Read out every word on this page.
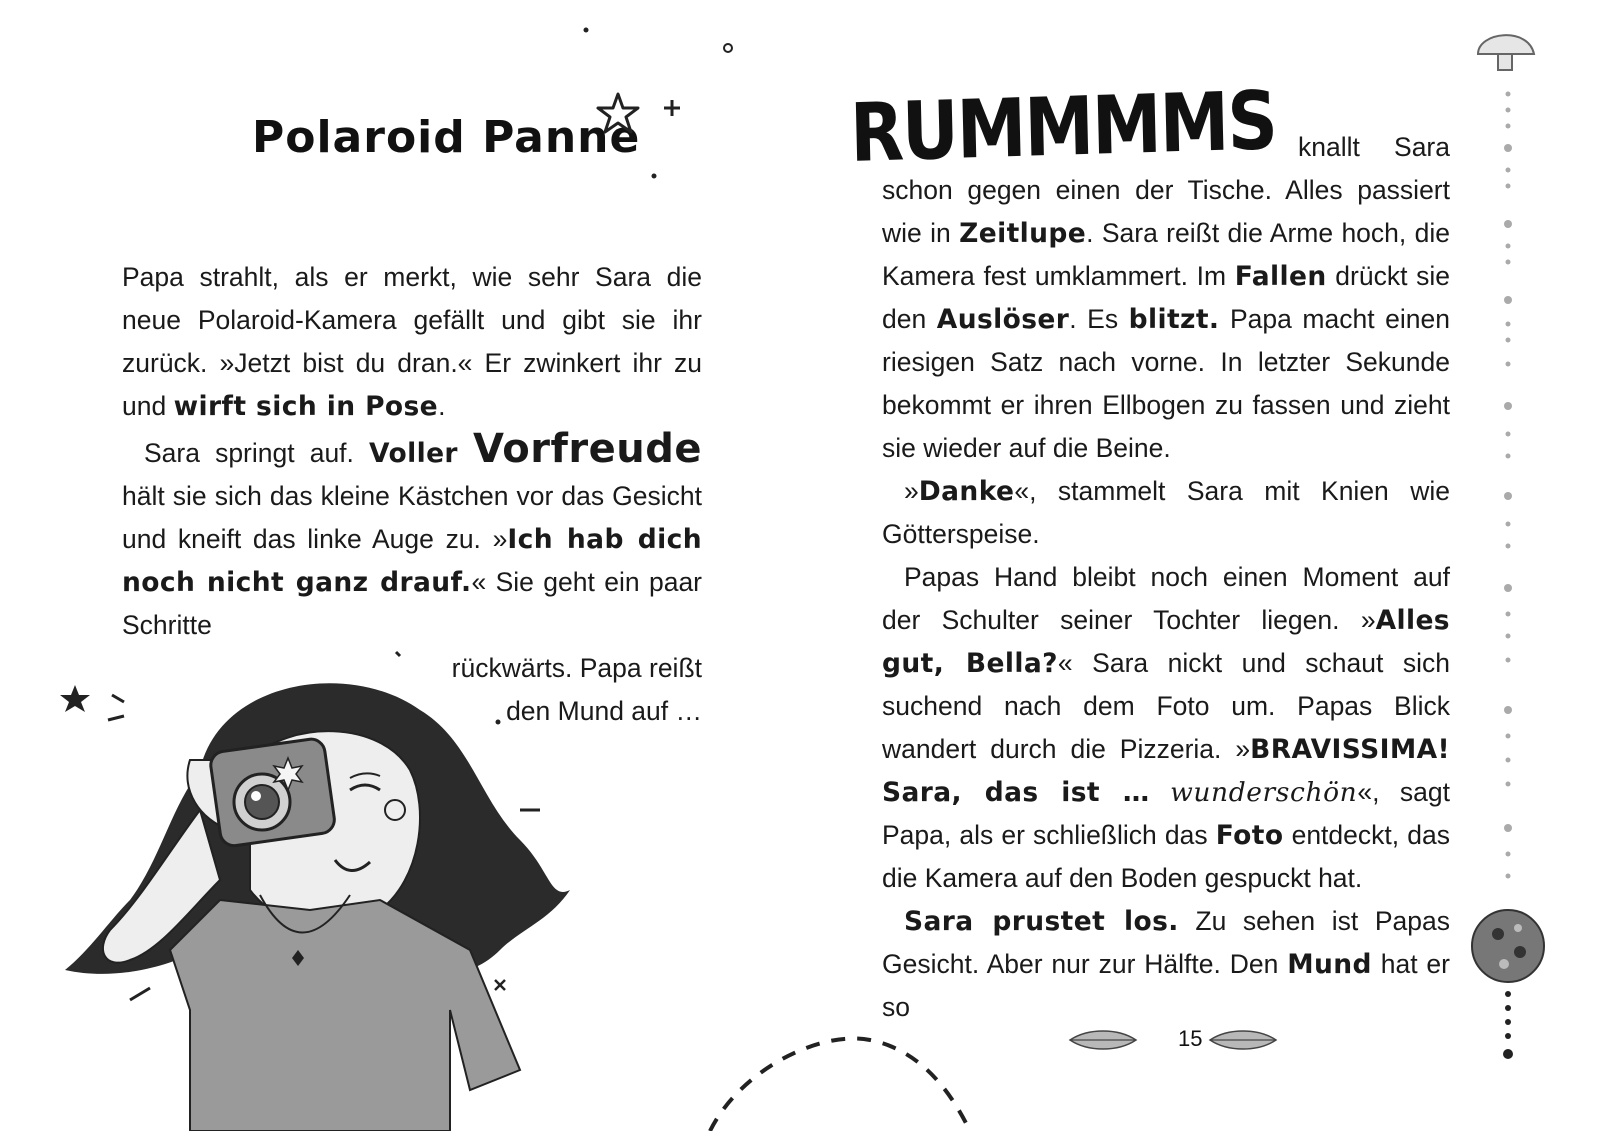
Polaroid Panne

Papa strahlt, als er merkt, wie sehr Sara die neue Polaroid-Kamera gefällt und gibt sie ihr zurück. »Jetzt bist du dran.« Er zwinkert ihr zu und wirft sich in Pose.

Sara springt auf. Voller Vorfreude hält sie sich das kleine Kästchen vor das Gesicht und kneift das linke Auge zu. »Ich hab dich noch nicht ganz drauf.« Sie geht ein paar Schritte

rückwärts. Papa reißt

den Mund auf …

RUMMMMS knallt Sara schon gegen einen der Tische. Alles passiert wie in Zeitlupe. Sara reißt die Arme hoch, die Kamera fest umklammert. Im Fallen drückt sie den Auslöser. Es blitzt. Papa macht einen riesigen Satz nach vorne. In letzter Sekunde bekommt er ihren Ellbogen zu fassen und zieht sie wieder auf die Beine.

»Danke«, stammelt Sara mit Knien wie Götterspeise.

Papas Hand bleibt noch einen Moment auf der Schulter seiner Tochter liegen. »Alles gut, Bella?« Sara nickt und schaut sich suchend nach dem Foto um. Papas Blick wandert durch die Pizzeria. »BRAVISSIMA! Sara, das ist … wunderschön«, sagt Papa, als er schließlich das Foto entdeckt, das die Kamera auf den Boden gespuckt hat.

Sara prustet los. Zu sehen ist Papas Gesicht. Aber nur zur Hälfte. Den Mund hat er so

15
